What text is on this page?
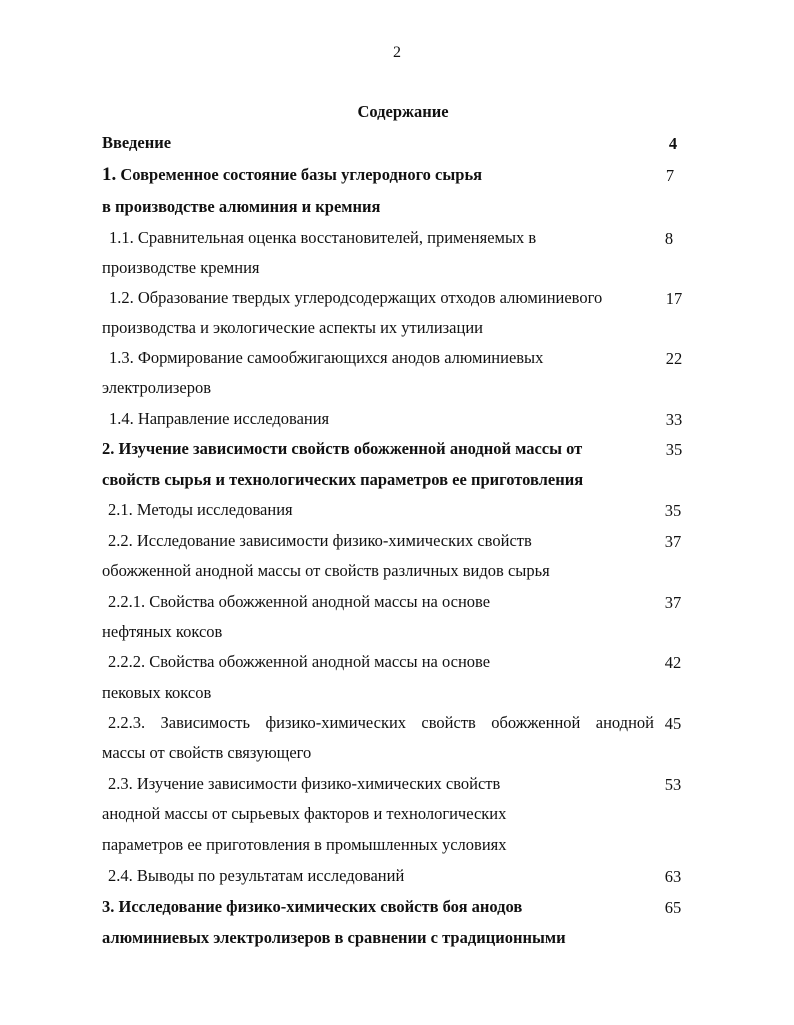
2
Содержание
Введение	4
1. Современное состояние базы углеродного сырья	7
в производстве алюминия и кремния
1.1. Сравнительная оценка восстановителей, применяемых в	8
производстве кремния
1.2. Образование твердых углеродсодержащих отходов алюминиевого	17
производства и экологические аспекты их утилизации
1.3. Формирование самообжигающихся анодов алюминиевых	22
электролизеров
1.4. Направление исследования	33
2. Изучение зависимости свойств обожженной анодной массы от	35
свойств сырья и технологических параметров ее приготовления
2.1. Методы исследования	35
2.2. Исследование зависимости физико-химических свойств	37
обожженной анодной массы от свойств различных видов сырья
2.2.1. Свойства обожженной анодной массы на основе	37
нефтяных коксов
2.2.2. Свойства обожженной анодной массы на основе	42
пековых коксов
2.2.3. Зависимость физико-химических свойств обожженной анодной 45
массы от свойств связующего
2.3. Изучение зависимости физико-химических свойств	53
анодной массы от сырьевых факторов и технологических
параметров ее приготовления в промышленных условиях
2.4. Выводы по результатам исследований	63
3. Исследование физико-химических свойств боя анодов	65
алюминиевых электролизеров в сравнении с традиционными
